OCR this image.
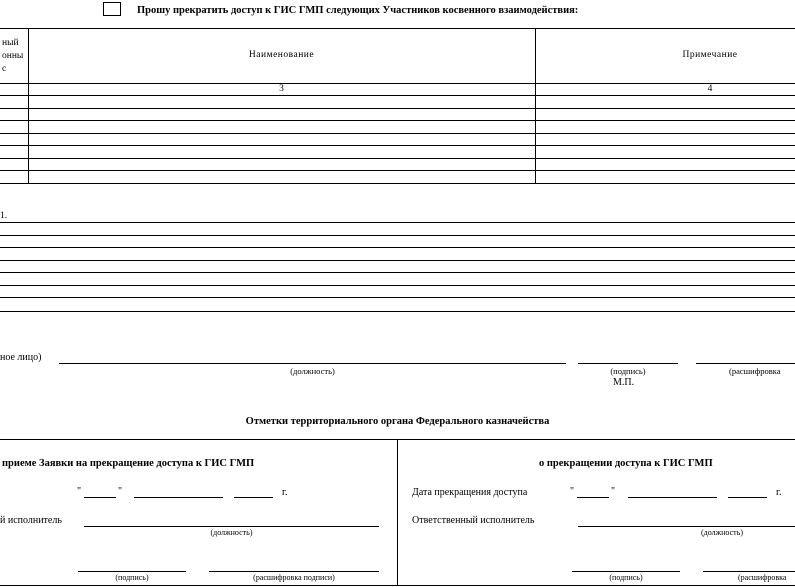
Прошу прекратить доступ к ГИС ГМП следующих Участников косвенного взаимодействия:
ный
онны
с
Наименование	Примечание
3	4
1.
ное лицо)
(должность)	(подпись)	(расшифровка
М.П.
Отметки территориального органа Федерального казначейства
приеме Заявки на прекращение доступа к ГИС ГМП
"	"	г.
й исполнитель
(должность)
(подпись)	(расшифровка подписи)
о прекращении доступа к ГИС ГМП
Дата прекращения доступа	"	"	г.
Ответственный исполнитель
(должность)
(подпись)	(расшифровка
